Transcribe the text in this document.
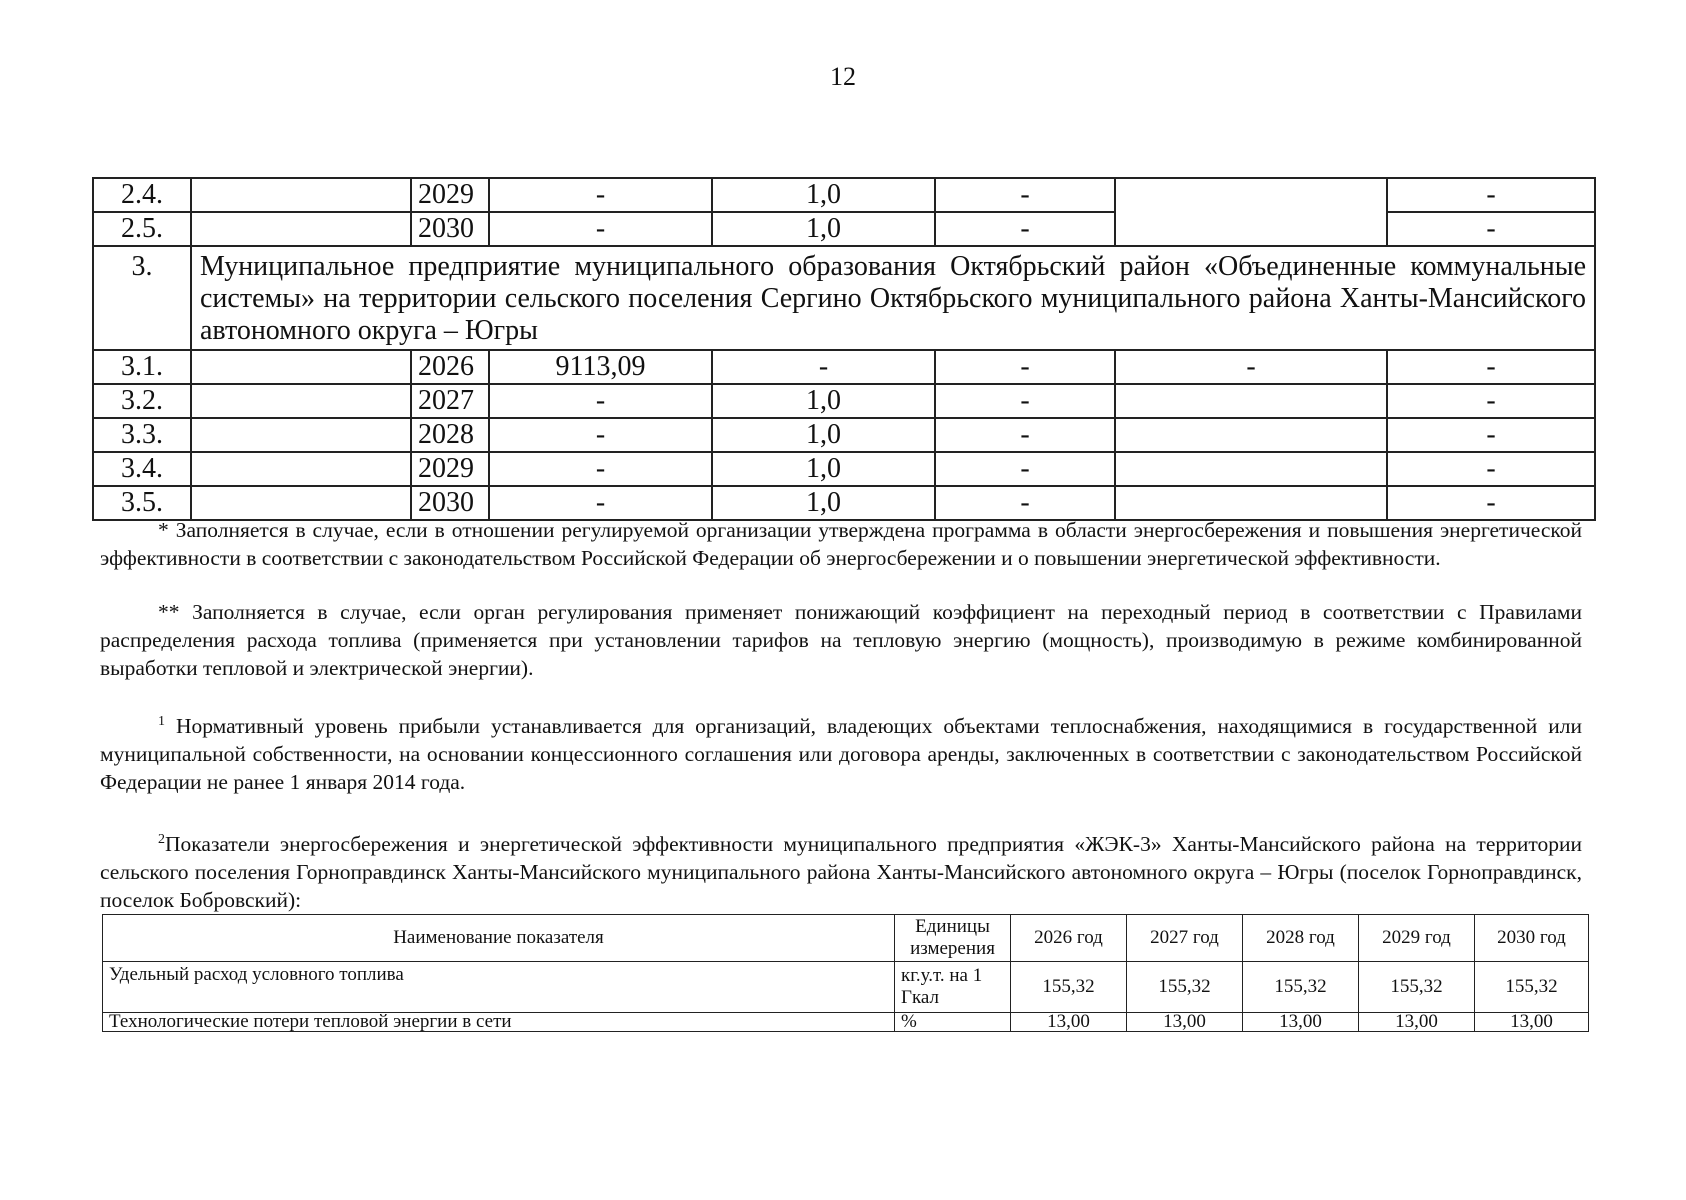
12
2.4.		2029	-	1,0	-		-
2.5.		2030	-	1,0	-		-
3.	Муниципальное предприятие муниципального образования Октябрьский район «Объединенные коммунальные
системы» на территории сельского поселения Сергино Октябрьского муниципального района Ханты-Мансийского
автономного округа – Югры						

3.1.		2026	9113,09	-	-	-	-
3.2.		2027	-	1,0	-		-
3.3.		2028	-	1,0	-		-
3.4.		2029	-	1,0	-		-
3.5.		2030	-	1,0	-		-

* Заполняется в случае, если в отношении регулируемой организации утверждена программа в области энергосбережения и повышения энергетической эффективности в соответствии с законодательством Российской Федерации об энергосбережении и о повышении энергетической эффективности.

** Заполняется в случае, если орган регулирования применяет понижающий коэффициент на переходный период в соответствии с Правилами распределения расхода топлива (применяется при установлении тарифов на тепловую энергию (мощность), производимую в режиме комбинированной выработки тепловой и электрической энергии).

$^1$ Нормативный уровень прибыли устанавливается для организаций, владеющих объектами теплоснабжения, находящимися в государственной или муниципальной собственности, на основании концессионного соглашения или договора аренды, заключенных в соответствии с законодательством Российской Федерации не ранее 1 января 2014 года.

$^2$Показатели энергосбережения и энергетической эффективности муниципального предприятия «ЖЭК-3» Ханты-Мансийского района на территории сельского поселения Горноправдинск Ханты-Мансийского муниципального района Ханты-Мансийского автономного округа – Югры (поселок Горноправдинск, поселок Бобровский):

Наименование показателя	Единицы измерения	2026 год	2027 год	2028 год	2029 год	2030 год
Удельный расход условного топлива	кг.у.т. на 1 Гкал	155,32	155,32	155,32	155,32	155,32
Технологические потери тепловой энергии в сети	%	13,00	13,00	13,00	13,00	13,00
